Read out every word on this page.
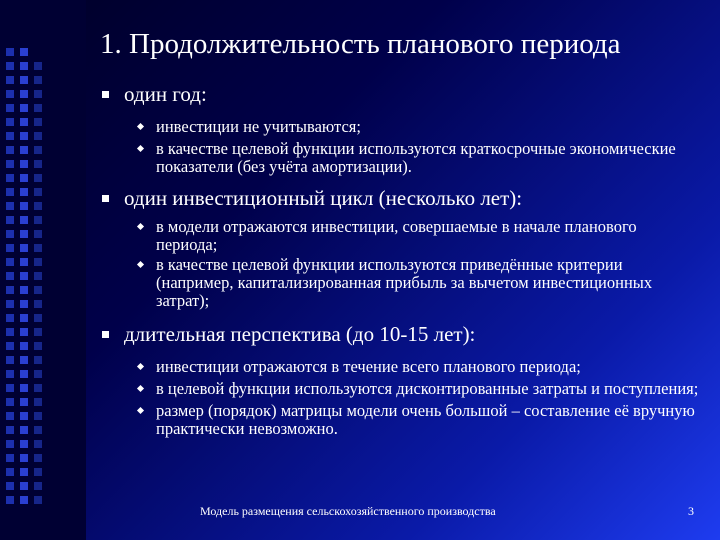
1. Продолжительность планового периода
один год:
инвестиции не учитываются;
в качестве целевой функции используются краткосрочные экономические показатели (без учёта амортизации).
один инвестиционный цикл (несколько лет):
в модели отражаются инвестиции, совершаемые в начале планового периода;
в качестве целевой функции используются приведённые критерии (например, капитализированная прибыль за вычетом инвестиционных затрат);
длительная перспектива (до 10-15 лет):
инвестиции отражаются в течение всего планового периода;
в целевой функции используются дисконтированные затраты и поступления;
размер (порядок) матрицы модели очень большой – составление её вручную практически невозможно.
Модель размещения сельскохозяйственного производства	3
